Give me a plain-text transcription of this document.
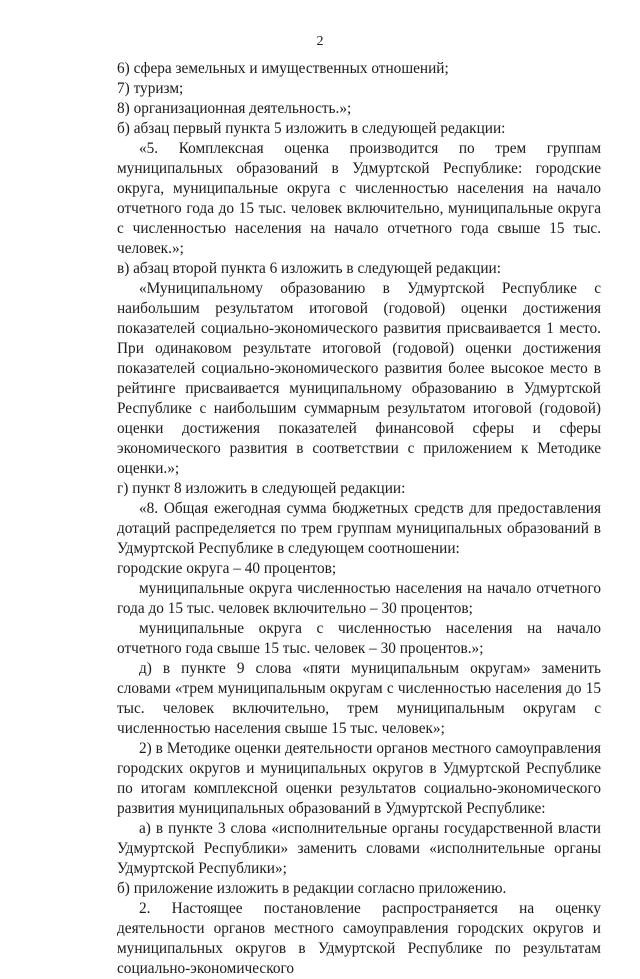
2

6) сфера земельных и имущественных отношений;

7) туризм;

8) организационная деятельность.»;

б) абзац первый пункта 5 изложить в следующей редакции:

«5. Комплексная оценка производится по трем группам муниципальных образований в Удмуртской Республике: городские округа, муниципальные округа с численностью населения на начало отчетного года до 15 тыс. человек включительно, муниципальные округа с численностью населения на начало отчетного года свыше 15 тыс. человек.»;

в) абзац второй пункта 6 изложить в следующей редакции:

«Муниципальному образованию в Удмуртской Республике с наибольшим результатом итоговой (годовой) оценки достижения показателей социально-экономического развития присваивается 1 место. При одинаковом результате итоговой (годовой) оценки достижения показателей социально-экономического развития более высокое место в рейтинге присваивается муниципальному образованию в Удмуртской Республике с наибольшим суммарным результатом итоговой (годовой) оценки достижения показателей финансовой сферы и сферы экономического развития в соответствии с приложением к Методике оценки.»;

г) пункт 8 изложить в следующей редакции:

«8. Общая ежегодная сумма бюджетных средств для предоставления дотаций распределяется по трем группам муниципальных образований в Удмуртской Республике в следующем соотношении:

городские округа – 40 процентов;

муниципальные округа численностью населения на начало отчетного года до 15 тыс. человек включительно – 30 процентов;

муниципальные округа с численностью населения на начало отчетного года свыше 15 тыс. человек – 30 процентов.»;

д) в пункте 9 слова «пяти муниципальным округам» заменить словами «трем муниципальным округам с численностью населения до 15 тыс. человек включительно, трем муниципальным округам с численностью населения свыше 15 тыс. человек»;

2) в Методике оценки деятельности органов местного самоуправления городских округов и муниципальных округов в Удмуртской Республике по итогам комплексной оценки результатов социально-экономического развития муниципальных образований в Удмуртской Республике:

а) в пункте 3 слова «исполнительные органы государственной власти Удмуртской Республики» заменить словами «исполнительные органы Удмуртской Республики»;

б) приложение изложить в редакции согласно приложению.

2. Настоящее постановление распространяется на оценку деятельности органов местного самоуправления городских округов и муниципальных округов в Удмуртской Республике по результатам социально-экономического
